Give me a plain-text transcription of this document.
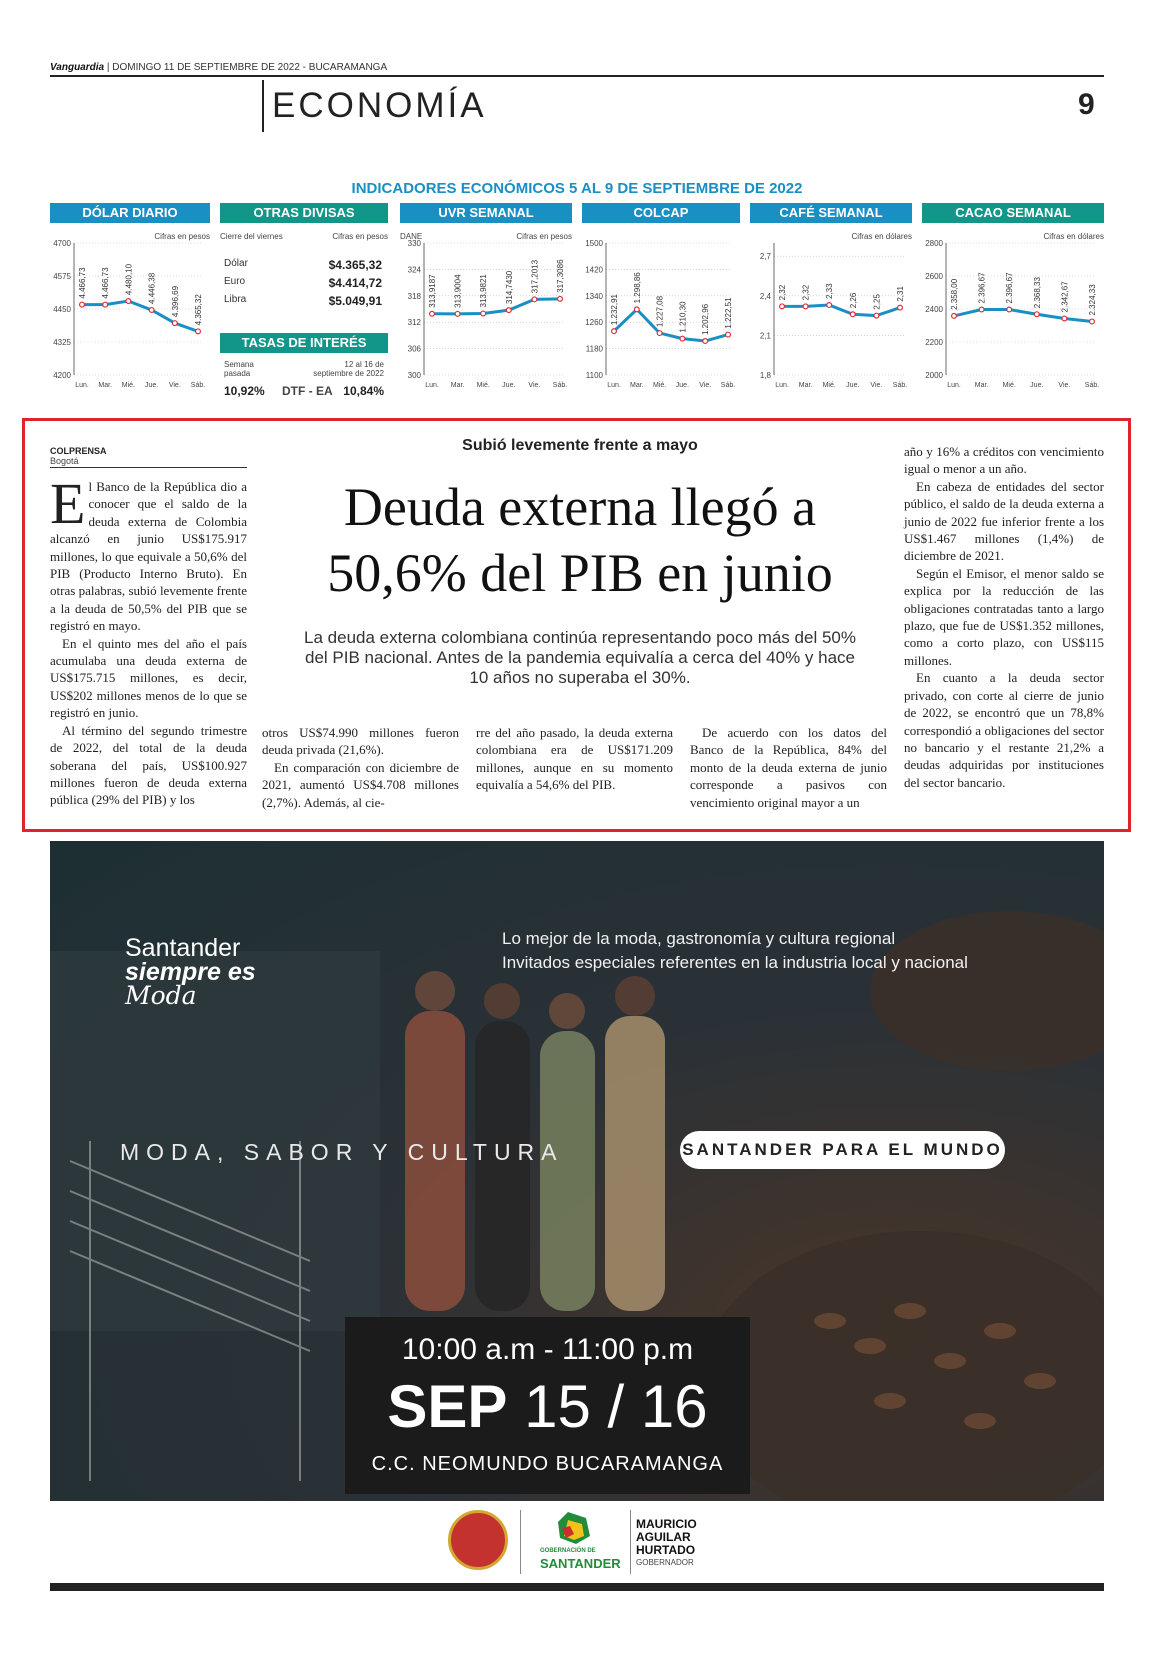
Vanguardia | DOMINGO 11 DE SEPTIEMBRE DE 2022 - BUCARAMANGA
ECONOMÍA	9
INDICADORES ECONÓMICOS 5 AL 9 DE SEPTIEMBRE DE 2022
DÓLAR DIARIO
Cifras en pesos
4700
4575
4450
4325
4200
4.466,73
Lun.
4.466,73
Mar.
4.480,10
Mié.
4.446,38
Jue.
4.396,69
Vie.
4.365,32
Sáb.
OTRAS DIVISAS
Cierre del viernes	Cifras en pesos
Dólar	$4.365,32
Euro	$4.414,72
Libra	$5.049,91
TASAS DE INTERÉS
Semana
pasada
12 al 16 de
septiembre de 2022
10,92% DTF - EA 10,84%
UVR SEMANAL
DANE	Cifras en pesos
330
324
318
312
306
300
313,9187
Lun.
313,9004
Mar.
313,9821
Mié.
314,7430
Jue.
317,2013
Vie.
317,3086
Sáb.
COLCAP
1500
1420
1340
1260
1180
1100
1.232,91
Lun.
1.298,86
Mar.
1.227,08
Mié.
1.210,30
Jue.
1.202,96
Vie.
1.222,51
Sáb.
CAFÉ SEMANAL
Cifras en dólares
2,7
2,4
2,1
1,8
2,32
Lun.
2,32
Mar.
2,33
Mié.
2,26
Jue.
2,25
Vie.
2,31
Sáb.
CACAO SEMANAL
Cifras en dólares
2800
2600
2400
2200
2000
2.358,00
Lun.
2.396,67
Mar.
2.396,67
Mié.
2.368,33
Jue.
2.342,67
Vie.
2.324,33
Sáb.
COLPRENSA
Bogotá
Subió levemente frente a mayo
Deuda externa llegó a
50,6% del PIB en junio
La deuda externa colombiana continúa representando poco más del 50% del PIB nacional. Antes de la pandemia equivalía a cerca del 40% y hace 10 años no superaba el 30%.

El Banco de la República dio a conocer que el saldo de la deuda externa de Colombia alcanzó en junio US$175.917 millones, lo que equivale a 50,6% del PIB (Producto Interno Bruto). En otras palabras, subió levemente frente a la deuda de 50,5% del PIB que se registró en mayo.

En el quinto mes del año el país acumulaba una deuda externa de US$175.715 millones, es decir, US$202 millones menos de lo que se registró en junio.

Al término del segundo trimestre de 2022, del total de la deuda soberana del país, US$100.927 millones fueron de deuda externa pública (29% del PIB) y los

otros US$74.990 millones fueron deuda privada (21,6%).

En comparación con diciembre de 2021, aumentó US$4.708 millones (2,7%). Además, al cie-

rre del año pasado, la deuda externa colombiana era de US$171.209 millones, aunque en su momento equivalía a 54,6% del PIB.

De acuerdo con los datos del Banco de la República, 84% del monto de la deuda externa de junio corresponde a pasivos con vencimiento original mayor a un

año y 16% a créditos con vencimiento igual o menor a un año.

En cabeza de entidades del sector público, el saldo de la deuda externa a junio de 2022 fue inferior frente a los US$1.467 millones (1,4%) de diciembre de 2021.

Según el Emisor, el menor saldo se explica por la reducción de las obligaciones contratadas tanto a largo plazo, que fue de US$1.352 millones, como a corto plazo, con US$115 millones.

En cuanto a la deuda sector privado, con corte al cierre de junio de 2022, se encontró que un 78,8% correspondió a obligaciones del sector no bancario y el restante 21,2% a deudas adquiridas por instituciones del sector bancario.

Santander
siempre es
Moda
Lo mejor de la moda, gastronomía y cultura regional
Invitados especiales referentes en la industria local y nacional
MODA, SABOR Y CULTURA	SANTANDER PARA EL MUNDO
10:00 a.m - 11:00 p.m
SEP 15 / 16
C.C. NEOMUNDO BUCARAMANGA
GOBERNACIÓN DE
SANTANDER
MAURICIO
AGUILAR
HURTADO
GOBERNADOR
